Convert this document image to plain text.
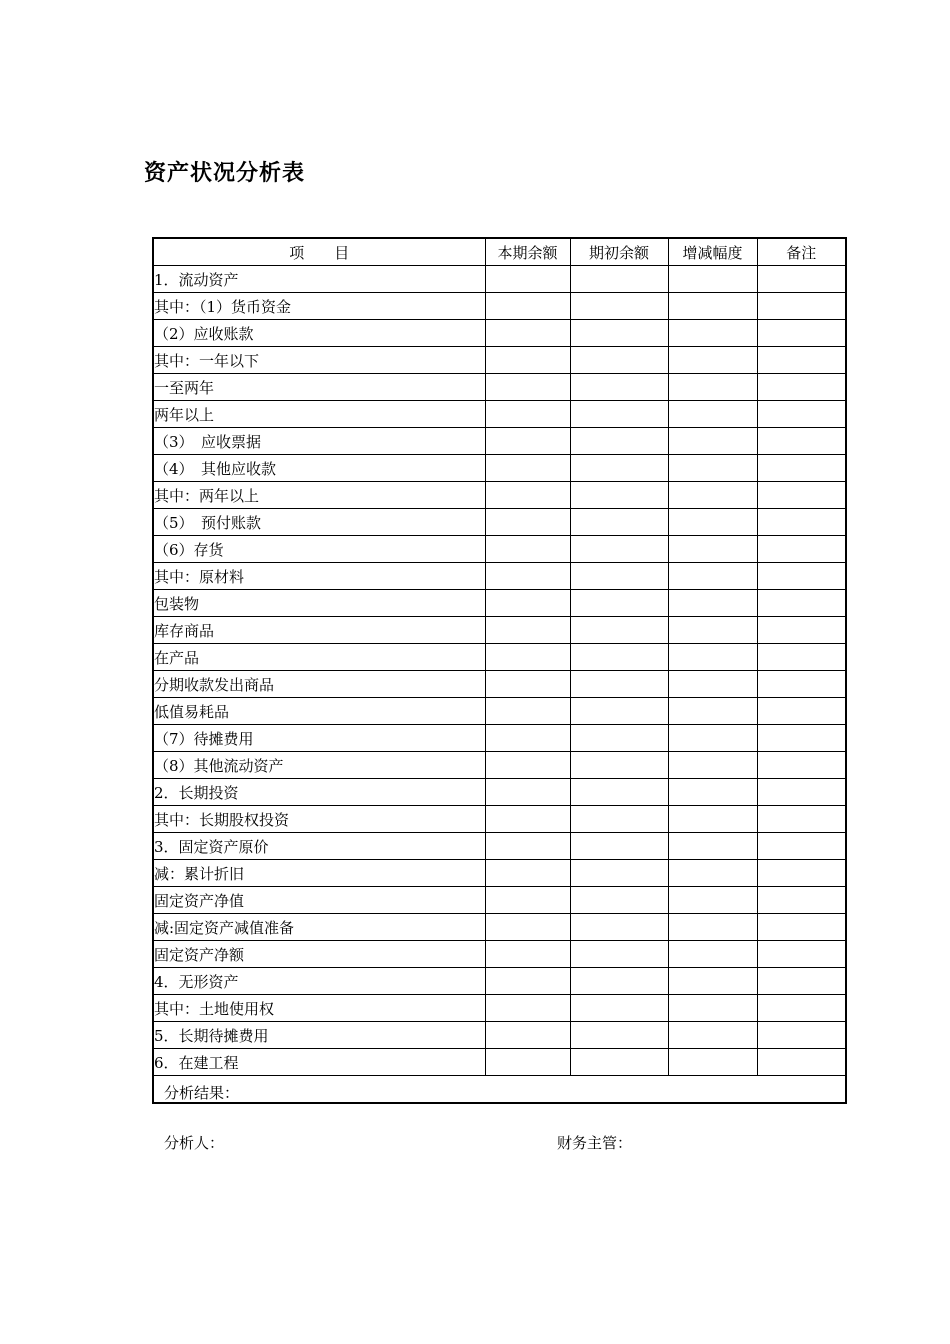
资产状况分析表
项　　目	本期余额	期初余额	增减幅度	备注
1．流动资产				
其中：（1）货币资金				
（2）应收账款				
其中：一年以下				
一至两年				
两年以上				
（3）　应收票据				
（4）　其他应收款				
其中：两年以上				
（5）　预付账款				
（6）存货				
其中：原材料				
包装物				
库存商品				
在产品				
分期收款发出商品				
低值易耗品				
（7）待摊费用				
（8）其他流动资产				
2．长期投资				
其中：长期股权投资				
3．固定资产原价				
减：累计折旧				
固定资产净值				
减:固定资产减值准备				
固定资产净额				
4．无形资产				
其中：土地使用权				
5．长期待摊费用				
6．在建工程				

分析结果：
分析人： 财务主管：				
